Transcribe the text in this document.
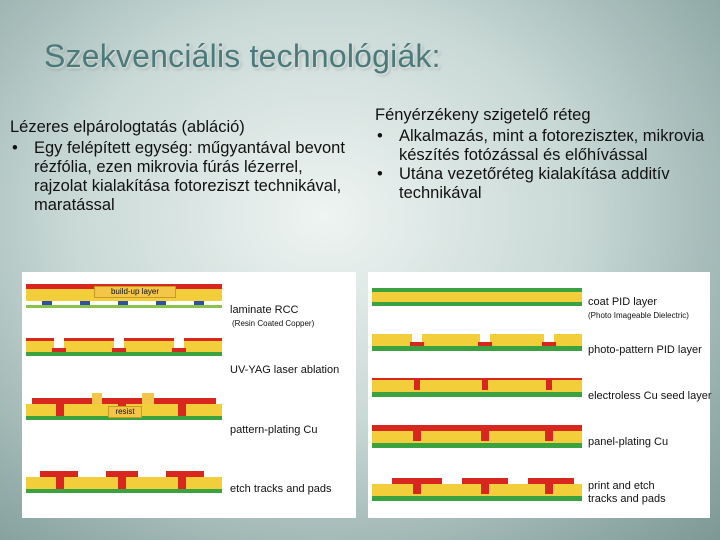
Szekvenciális technológiák:
Lézeres elpárologtatás (abláció)
• Egy felépített egység: műgyantával bevont rézfólia, ezen mikrovia fúrás lézerrel, rajzolat kialakítása fotoreziszt technikával, maratással
Fényérzékeny szigetelő réteg
• Alkalmazás, mint a fotoreziszteк, mikrovia készítés fotózással és előhívással
• Utána vezetőréteg kialakítása additív technikával
build-up layer
resist
laminate RCC
(Resin Coated Copper)
UV-YAG laser ablation
pattern-plating Cu
etch tracks and pads
coat PID layer
(Photo Imageable Dielectric)
photo-pattern PID layer
electroless Cu seed layer
panel-plating Cu
print and etch
tracks and pads
